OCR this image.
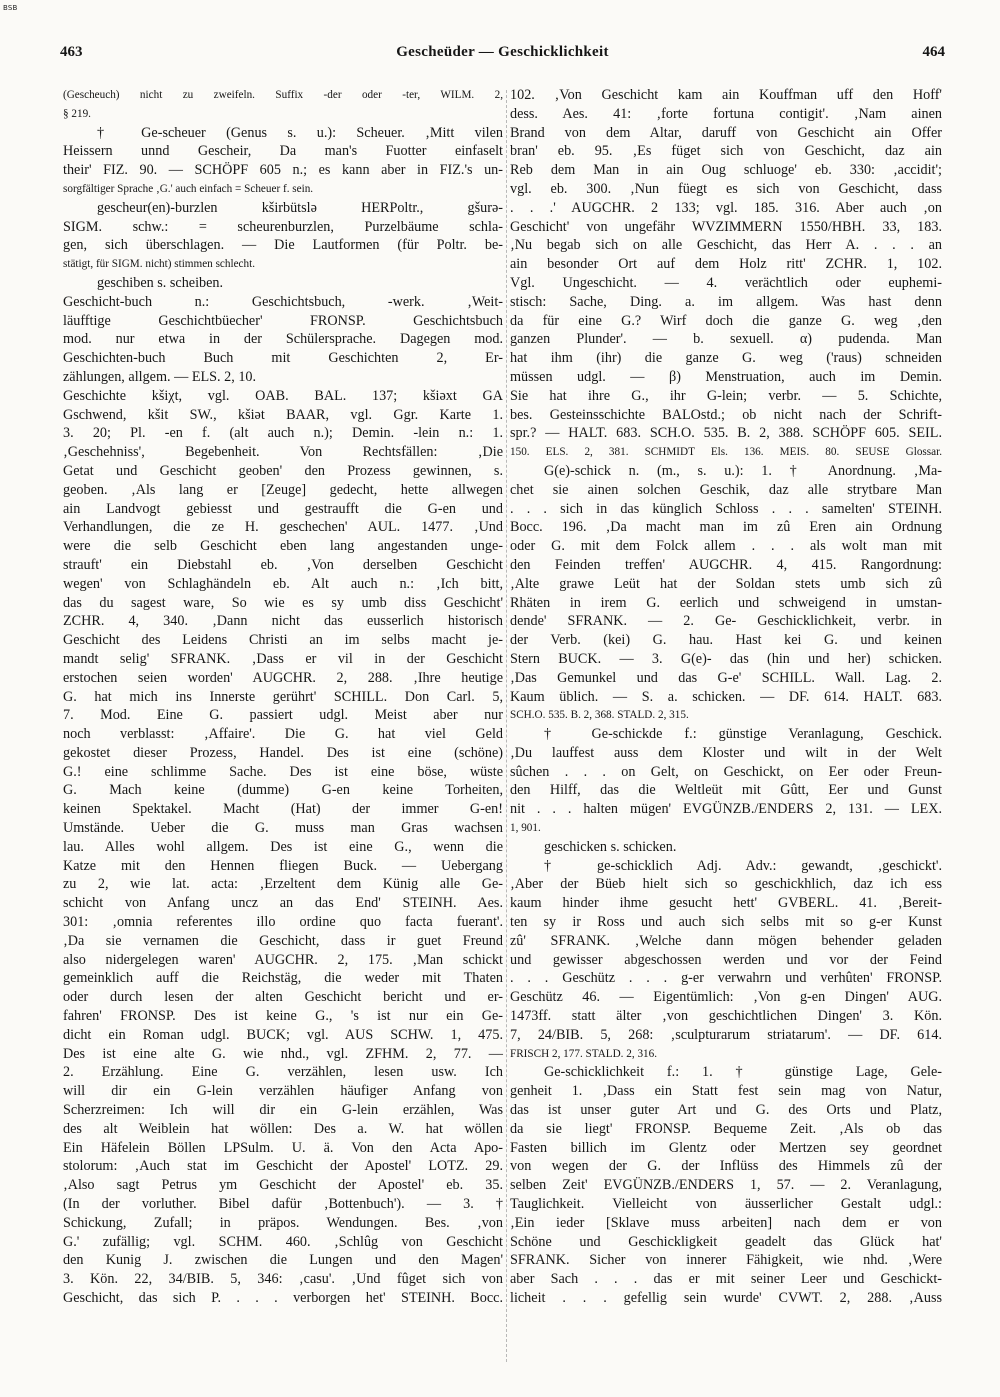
BSB
463	Gescheüder — Geschicklichkeit	464
(Gescheuch) nicht zu zweifeln. Suffix -der oder -ter, WILM. 2,
§ 219.
† Ge-scheuer (Genus s. u.): Scheuer. ‚Mitt vilen
Heissern unnd Gescheir, Da man's Fuotter einfaselt
their' FIZ. 90. — SCHÖPF 605 n.; es kann aber in FIZ.'s un-
sorgfältiger Sprache ‚G.' auch einfach = Scheuer f. sein.
gescheur(en)-burzlen kširbütslə HERPoltr., gšurə-
SIGM. schw.: = scheurenburzlen, Purzelbäume schla-
gen, sich überschlagen. — Die Lautformen (für Poltr. be-
stätigt, für SIGM. nicht) stimmen schlecht.
geschiben s. scheiben.
Geschicht-buch n.: Geschichtsbuch, -werk. ‚Weit-
läufftige Geschichtbüecher' FRONSP. Geschichtsbuch
mod. nur etwa in der Schülersprache. Dagegen mod.
Geschichten-buch Buch mit Geschichten 2, Er-
zählungen, allgem. — ELS. 2, 10.
Geschichte kšiχt, vgl. OAB. BAL. 137; kšiəxt GA
Gschwend, kšit SW., kšiət BAAR, vgl. Ggr. Karte 1.
3. 20; Pl. -en f. (alt auch n.); Demin. -lein n.: 1.
‚Geschehniss', Begebenheit. Von Rechtsfällen: ‚Die
Getat und Geschicht geoben' den Prozess gewinnen, s.
geoben. ‚Als lang er [Zeuge] gedecht, hette allwegen
ain Landvogt gebiesst und gestraufft die G-en und
Verhandlungen, die ze H. geschechen' AUL. 1477. ‚Und
were die selb Geschicht eben lang angestanden unge-
strauft' ein Diebstahl eb. ‚Von derselben Geschicht
wegen' von Schlaghändeln eb. Alt auch n.: ‚Ich bitt,
das du sagest ware, So wie es sy umb diss Geschicht'
ZCHR. 4, 340. ‚Dann nicht das eusserlich historisch
Geschicht des Leidens Christi an im selbs macht je-
mandt selig' SFRANK. ‚Dass er vil in der Geschicht
erstochen seien worden' AUGCHR. 2, 288. ‚Ihre heutige
G. hat mich ins Innerste gerührt' SCHILL. Don Carl. 5,
7. Mod. Eine G. passiert udgl. Meist aber nur
noch verblasst: ‚Affaire'. Die G. hat viel Geld
gekostet dieser Prozess, Handel. Des ist eine (schöne)
G.! eine schlimme Sache. Des ist eine böse, wüste
G. Mach keine (dumme) G-en keine Torheiten,
keinen Spektakel. Macht (Hat) der immer G-en!
Umstände. Ueber die G. muss man Gras wachsen
lau. Alles wohl allgem. Des ist eine G., wenn die
Katze mit den Hennen fliegen Buck. — Uebergang
zu 2, wie lat. acta: ‚Erzeltent dem Künig alle Ge-
schicht von Anfang uncz an das End' STEINH. Aes.
301: ‚omnia referentes illo ordine quo facta fuerant'.
‚Da sie vernamen die Geschicht, dass ir guet Freund
also nidergelegen waren' AUGCHR. 2, 175. ‚Man schickt
gemeinklich auff die Reichstäg, die weder mit Thaten
oder durch lesen der alten Geschicht bericht und er-
fahren' FRONSP. Des ist keine G., 's ist nur ein Ge-
dicht ein Roman udgl. BUCK; vgl. AUS SCHW. 1, 475.
Des ist eine alte G. wie nhd., vgl. ZFHM. 2, 77. —
2. Erzählung. Eine G. verzählen, lesen usw. Ich
will dir ein G-lein verzählen häufiger Anfang von
Scherzreimen: Ich will dir ein G-lein erzählen, Was
des alt Weiblein hat wöllen: Des a. W. hat wöllen
Ein Häfelein Böllen LPSulm. U. ä. Von den Acta Apo-
stolorum: ‚Auch stat im Geschicht der Apostel' LOTZ. 29.
‚Also sagt Petrus ym Geschicht der Apostel' eb. 35.
(In der vorluther. Bibel dafür ‚Bottenbuch'). — 3. †
Schickung, Zufall; in präpos. Wendungen. Bes. ‚von
G.' zufällig; vgl. SCHM. 460. ‚Schlûg von Geschicht
den Kunig J. zwischen die Lungen und den Magen'
3. Kön. 22, 34/BIB. 5, 346: ‚casu'. ‚Und fûget sich von
Geschicht, das sich P. . . . verborgen het' STEINH. Bocc.
102. ‚Von Geschicht kam ain Kouffman uff den Hoff'
dess. Aes. 41: ‚forte fortuna contigit'. ‚Nam ainen
Brand von dem Altar, daruff von Geschicht ain Offer
bran' eb. 95. ‚Es füget sich von Geschicht, daz ain
Reb dem Man in ain Oug schluoge' eb. 330: ‚accidit';
vgl. eb. 300. ‚Nun füegt es sich von Geschicht, dass
. . .' AUGCHR. 2 133; vgl. 185. 316. Aber auch ‚on
Geschicht' von ungefähr WVZIMMERN 1550/HBH. 33, 183.
‚Nu begab sich on alle Geschicht, das Herr A. . . . an
ain besonder Ort auf dem Holz ritt' ZCHR. 1, 102.
Vgl. Ungeschicht. — 4. verächtlich oder euphemi-
stisch: Sache, Ding. a. im allgem. Was hast denn
da für eine G.? Wirf doch die ganze G. weg ‚den
ganzen Plunder'. — b. sexuell. α) pudenda. Man
hat ihm (ihr) die ganze G. weg ('raus) schneiden
müssen udgl. — β) Menstruation, auch im Demin.
Sie hat ihre G., ihr G-lein; verbr. — 5. Schichte,
bes. Gesteinsschichte BALOstd.; ob nicht nach der Schrift-
spr.? — HALT. 683. SCH.O. 535. B. 2, 388. SCHÖPF 605. SEIL.
150. ELS. 2, 381. SCHMIDT Els. 136. MEIS. 80. SEUSE Glossar.
G(e)-schick n. (m., s. u.): 1. † Anordnung. ‚Ma-
chet sie ainen solchen Geschik, daz alle strytbare Man
. . . sich in das künglich Schloss . . . samelten' STEINH.
Bocc. 196. ‚Da macht man im zû Eren ain Ordnung
oder G. mit dem Folck allem . . . als wolt man mit
den Feinden treffen' AUGCHR. 4, 415. Rangordnung:
‚Alte grawe Leüt hat der Soldan stets umb sich zû
Rhäten in irem G. eerlich und schweigend in umstan-
dende' SFRANK. — 2. Ge- Geschicklichkeit, verbr. in
der Verb. (kei) G. hau. Hast kei G. und keinen
Stern BUCK. — 3. G(e)- das (hin und her) schicken.
‚Das Gemunkel und das G-e' SCHILL. Wall. Lag. 2.
Kaum üblich. — S. a. schicken. — DF. 614. HALT. 683.
SCH.O. 535. B. 2, 368. STALD. 2, 315.
† Ge-schickde f.: günstige Veranlagung, Geschick.
‚Du lauffest auss dem Kloster und wilt in der Welt
sûchen . . . on Gelt, on Geschickt, on Eer oder Freun-
den Hilff, das die Weltleüt mit Gûtt, Eer und Gunst
nit . . . halten mügen' EVGÜNZB./ENDERS 2, 131. — LEX.
1, 901.
geschicken s. schicken.
† ge-schicklich Adj. Adv.: gewandt, ‚geschickt'.
‚Aber der Büeb hielt sich so geschickhlich, daz ich ess
kaum hinder ihme gesucht hett' GVBERL. 41. ‚Bereit-
ten sy ir Ross und auch sich selbs mit so g-er Kunst
zû' SFRANK. ‚Welche dann mögen behender geladen
und gewisser abgeschossen werden und vor der Feind
. . . Geschütz . . . g-er verwahrn und verhûten' FRONSP.
Geschütz 46. — Eigentümlich: ‚Von g-en Dingen' AUG.
1473ff. statt älter ‚von geschichtlichen Dingen' 3. Kön.
7, 24/BIB. 5, 268: ‚sculpturarum striatarum'. — DF. 614.
FRISCH 2, 177. STALD. 2, 316.
Ge-schicklichkeit f.: 1. † günstige Lage, Gele-
genheit 1. ‚Dass ein Statt fest sein mag von Natur,
das ist unser guter Art und G. des Orts und Platz,
da sie liegt' FRONSP. Bequeme Zeit. ‚Als ob das
Fasten billich im Glentz oder Mertzen sey geordnet
von wegen der G. der Inflüss des Himmels zû der
selben Zeit' EVGÜNZB./ENDERS 1, 57. — 2. Veranlagung,
Tauglichkeit. Vielleicht von äusserlicher Gestalt udgl.:
‚Ein ieder [Sklave muss arbeiten] nach dem er von
Schöne und Geschickligkeit geadelt das Glück hat'
SFRANK. Sicher von innerer Fähigkeit, wie nhd. ‚Were
aber Sach . . . das er mit seiner Leer und Geschickt-
licheit . . . gefellig sein wurde' CVWT. 2, 288. ‚Auss
